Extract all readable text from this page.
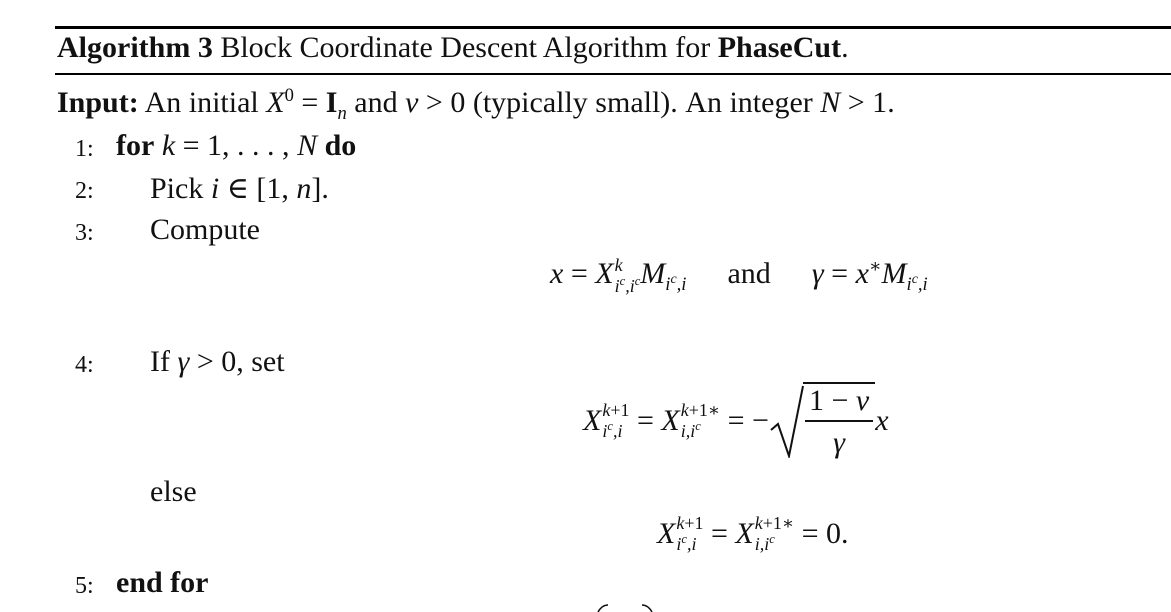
Algorithm 3 Block Coordinate Descent Algorithm for PhaseCut.
Input: An initial $X^0 = I_n$ and ν > 0 (typically small). An integer N > 1.
1: for k = 1, . . . , N do
2: Pick i ∈ [1, n].
3: Compute
x = X k
$i^c,i^c$ $M_{i^c,i}$ and $\gamma = x^∗M_{i^c,i}$
4: If γ > 0, set
X k+1
$i^c,i = X$ k+1∗
$i,i^c$ = − $\frac{1 - \nu}{\gamma}$ x
else
X k+1
$i^c,i = X$ k+1∗
$i,i^c = 0$.
5: end for
